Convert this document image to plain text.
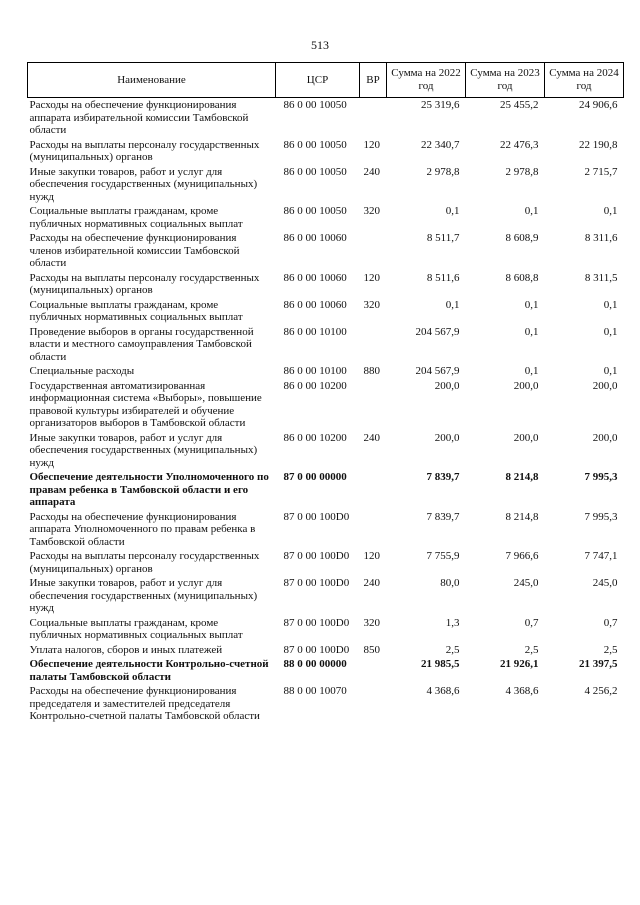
513
Наименование	ЦСР	ВР	Сумма на 2022 год	Сумма на 2023 год	Сумма на 2024 год
Расходы на обеспечение функционирования аппарата избирательной комиссии Тамбовской области	86 0 00 10050		25 319,6	25 455,2	24 906,6
Расходы на выплаты персоналу государственных (муниципальных) органов	86 0 00 10050	120	22 340,7	22 476,3	22 190,8
Иные закупки товаров, работ и услуг для обеспечения государственных (муниципальных) нужд	86 0 00 10050	240	2 978,8	2 978,8	2 715,7
Социальные выплаты гражданам, кроме публичных нормативных социальных выплат	86 0 00 10050	320	0,1	0,1	0,1
Расходы на обеспечение функционирования членов избирательной комиссии Тамбовской области	86 0 00 10060		8 511,7	8 608,9	8 311,6
Расходы на выплаты персоналу государственных (муниципальных) органов	86 0 00 10060	120	8 511,6	8 608,8	8 311,5
Социальные выплаты гражданам, кроме публичных нормативных социальных выплат	86 0 00 10060	320	0,1	0,1	0,1
Проведение выборов в органы государственной власти и местного самоуправления Тамбовской области	86 0 00 10100		204 567,9	0,1	0,1
Специальные расходы	86 0 00 10100	880	204 567,9	0,1	0,1
Государственная автоматизированная информационная система «Выборы», повышение правовой культуры избирателей и обучение организаторов выборов в Тамбовской области	86 0 00 10200		200,0	200,0	200,0
Иные закупки товаров, работ и услуг для обеспечения государственных (муниципальных) нужд	86 0 00 10200	240	200,0	200,0	200,0
Обеспечение деятельности Уполномоченного по правам ребенка в Тамбовской области и его аппарата	87 0 00 00000		7 839,7	8 214,8	7 995,3
Расходы на обеспечение функционирования аппарата Уполномоченного по правам ребенка в Тамбовской области	87 0 00 100D0		7 839,7	8 214,8	7 995,3
Расходы на выплаты персоналу государственных (муниципальных) органов	87 0 00 100D0	120	7 755,9	7 966,6	7 747,1
Иные закупки товаров, работ и услуг для обеспечения государственных (муниципальных) нужд	87 0 00 100D0	240	80,0	245,0	245,0
Социальные выплаты гражданам, кроме публичных нормативных социальных выплат	87 0 00 100D0	320	1,3	0,7	0,7
Уплата налогов, сборов и иных платежей	87 0 00 100D0	850	2,5	2,5	2,5
Обеспечение деятельности Контрольно-счетной палаты Тамбовской области	88 0 00 00000		21 985,5	21 926,1	21 397,5
Расходы на обеспечение функционирования председателя и заместителей председателя Контрольно-счетной палаты Тамбовской области	88 0 00 10070		4 368,6	4 368,6	4 256,2
